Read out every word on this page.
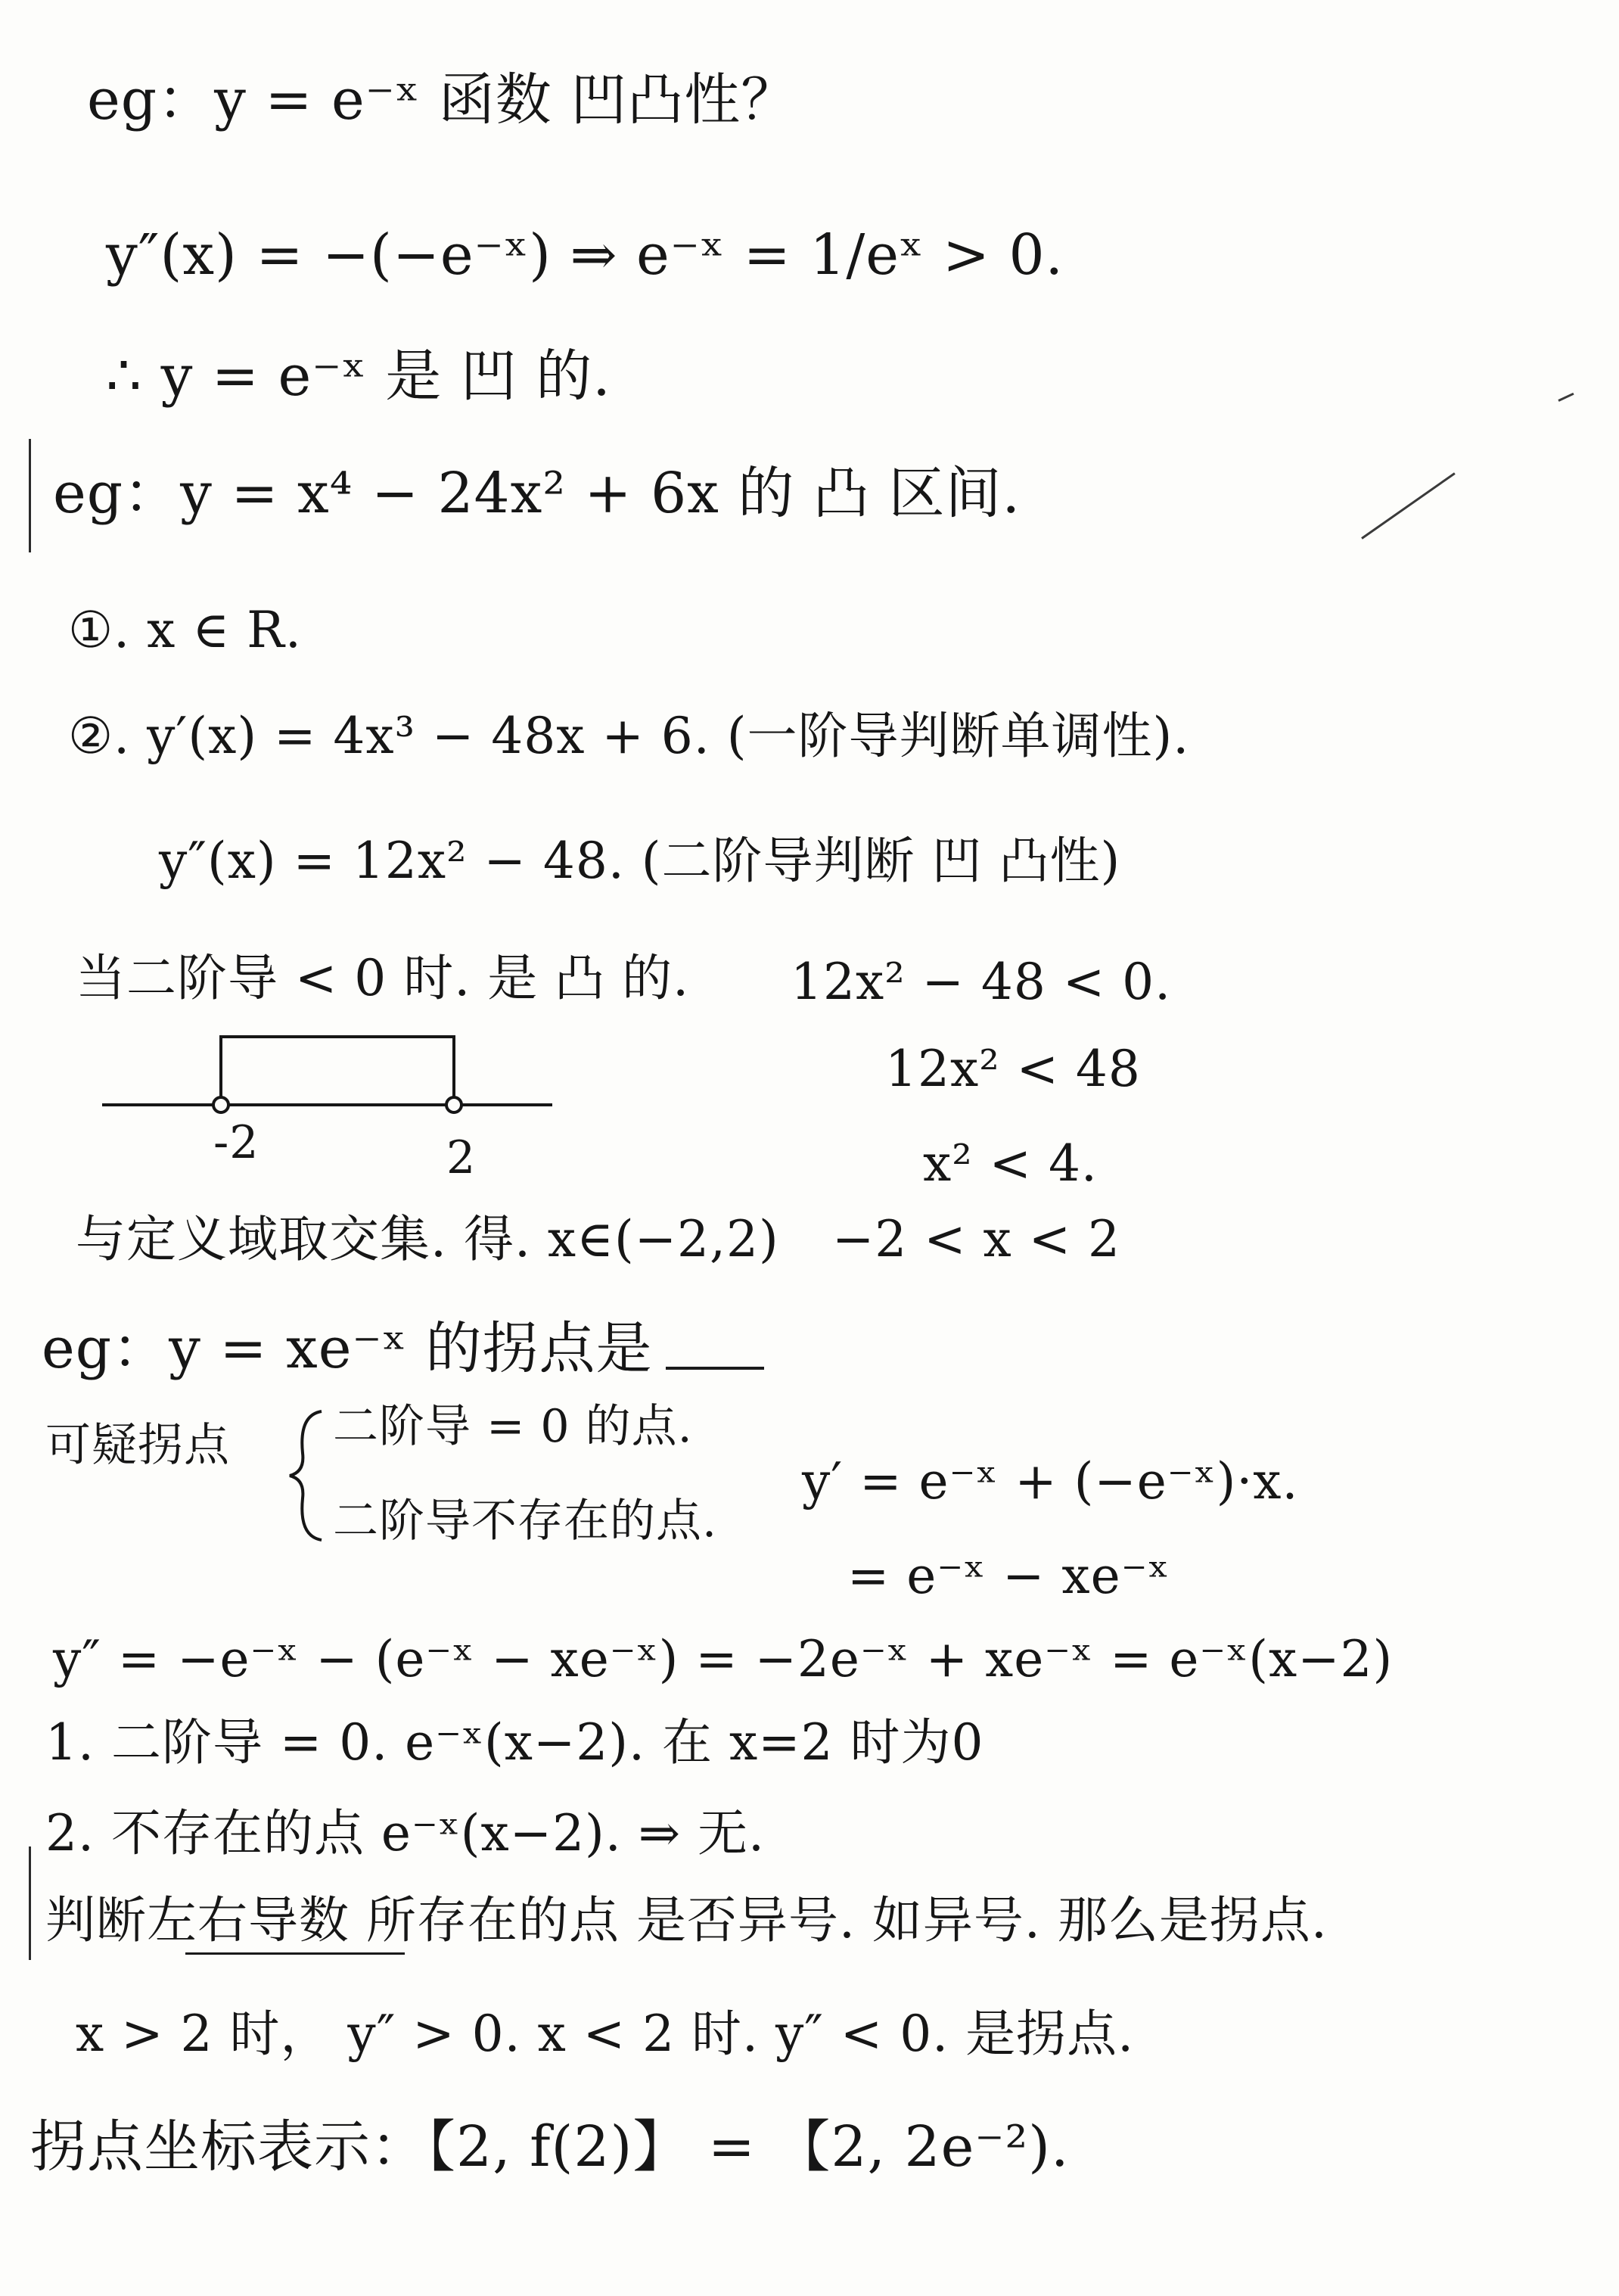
eg：y = e⁻ˣ 函数 凹凸性？
y″(x) = −(−e⁻ˣ) ⇒ e⁻ˣ = 1/eˣ > 0.
∴ y = e⁻ˣ 是 凹 的.
eg：y = x⁴ − 24x² + 6x 的 凸 区间.
①. x ∈ R.
②. y′(x) = 4x³ − 48x + 6. (一阶导判断单调性).
y″(x) = 12x² − 48. (二阶导判断 凹 凸性)
当二阶导 < 0 时. 是 凸 的. 12x² − 48 < 0.
12x² < 48
x² < 4.
-2	2
与定义域取交集. 得. x∈(−2,2) −2 < x < 2
eg：y = xe⁻ˣ 的拐点是
可疑拐点 二阶导 = 0 的点.
二阶导不存在的点.
y′ = e⁻ˣ + (−e⁻ˣ)·x.
= e⁻ˣ − xe⁻ˣ
y″ = −e⁻ˣ − (e⁻ˣ − xe⁻ˣ) = −2e⁻ˣ + xe⁻ˣ = e⁻ˣ(x−2)
1. 二阶导 = 0. e⁻ˣ(x−2). 在 x=2 时为0
2. 不存在的点 e⁻ˣ(x−2). ⇒ 无.
判断左右导数 所存在的点 是否异号. 如异号. 那么是拐点.
x > 2 时， y″ > 0. x < 2 时. y″ < 0. 是拐点.
拐点坐标表示：【2, f(2)】 = 【2, 2e⁻²).
